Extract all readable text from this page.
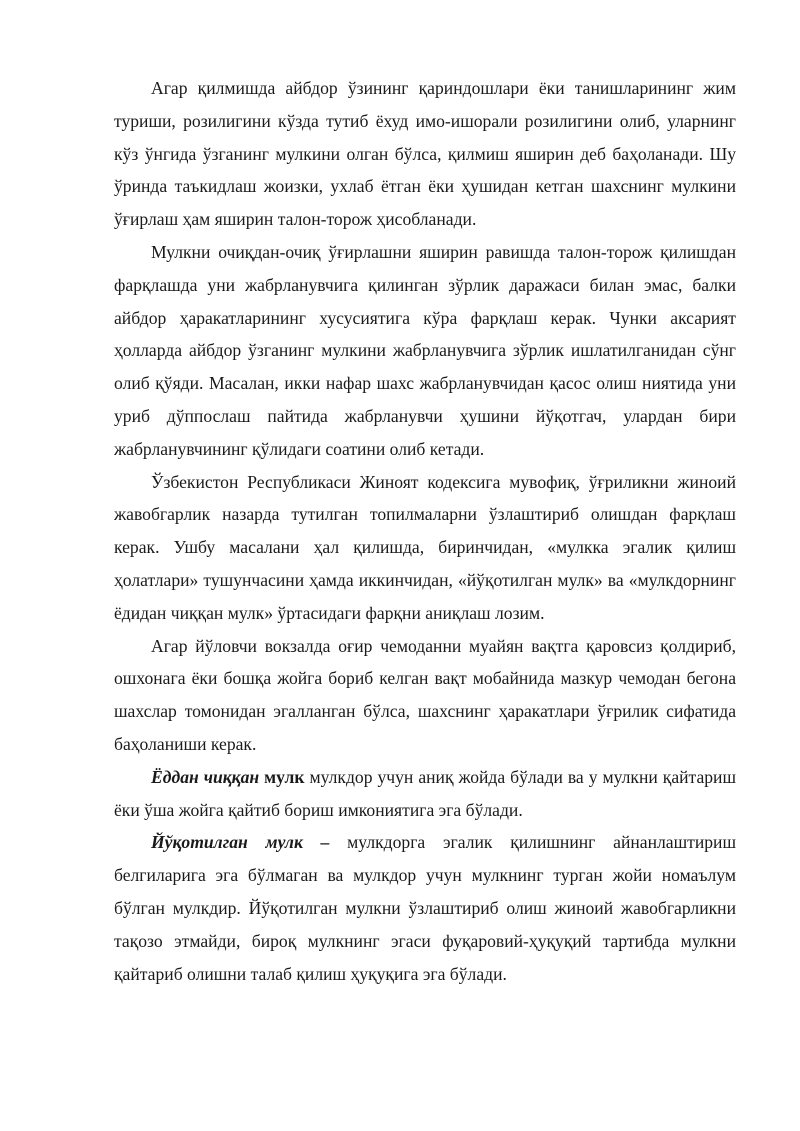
Агар қилмишда айбдор ўзининг қариндошлари ёки танишларининг жим туриши, розилигини кўзда тутиб ёхуд имо-ишорали розилигини олиб, уларнинг кўз ўнгида ўзганинг мулкини олган бўлса, қилмиш яширин деб баҳоланади. Шу ўринда таъкидлаш жоизки, ухлаб ётган ёки ҳушидан кетган шахснинг мулкини ўғирлаш ҳам яширин талон-торож ҳисобланади.

Мулкни очиқдан-очиқ ўғирлашни яширин равишда талон-торож қилишдан фарқлашда уни жабрланувчига қилинган зўрлик даражаси билан эмас, балки айбдор ҳаракатларининг хусусиятига кўра фарқлаш керак. Чунки аксарият ҳолларда айбдор ўзганинг мулкини жабрланувчига зўрлик ишлатилганидан сўнг олиб қўяди. Масалан, икки нафар шахс жабрланувчидан қасос олиш ниятида уни уриб дўппослаш пайтида жабрланувчи ҳушини йўқотгач, улардан бири жабрланувчининг қўлидаги соатини олиб кетади.

Ўзбекистон Республикаси Жиноят кодексига мувофиқ, ўғриликни жиноий жавобгарлик назарда тутилган топилмаларни ўзлаштириб олишдан фарқлаш керак. Ушбу масалани ҳал қилишда, биринчидан, «мулкка эгалик қилиш ҳолатлари» тушунчасини ҳамда иккинчидан, «йўқотилган мулк» ва «мулкдорнинг ёдидан чиққан мулк» ўртасидаги фарқни аниқлаш лозим.

Агар йўловчи вокзалда оғир чемоданни муайян вақтга қаровсиз қолдириб, ошхонага ёки бошқа жойга бориб келган вақт мобайнида мазкур чемодан бегона шахслар томонидан эгалланган бўлса, шахснинг ҳаракатлари ўғрилик сифатида баҳоланиши керак.

Ёддан чиққан мулк мулкдор учун аниқ жойда бўлади ва у мулкни қайтариш ёки ўша жойга қайтиб бориш имкониятига эга бўлади.

Йўқотилган мулк – мулкдорга эгалик қилишнинг айнанлаштириш белгиларига эга бўлмаган ва мулкдор учун мулкнинг турган жойи номаълум бўлган мулкдир. Йўқотилган мулкни ўзлаштириб олиш жиноий жавобгарликни тақозо этмайди, бироқ мулкнинг эгаси фуқаровий-ҳуқуқий тартибда мулкни қайтариб олишни талаб қилиш ҳуқуқига эга бўлади.
